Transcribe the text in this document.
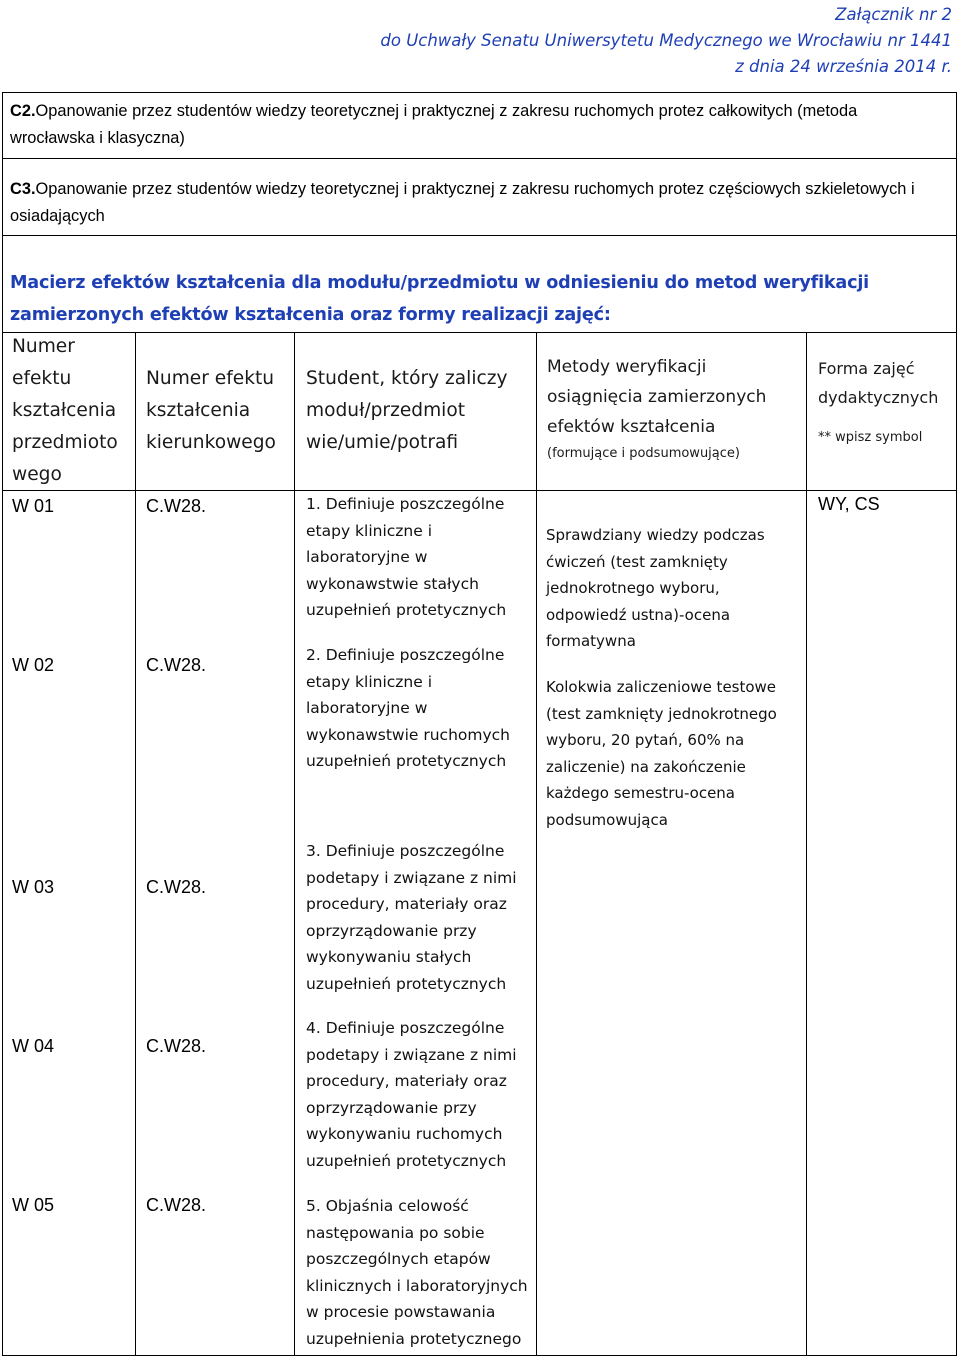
Załącznik nr 2
do Uchwały Senatu Uniwersytetu Medycznego we Wrocławiu nr 1441
z dnia 24 września 2014 r.
C2.Opanowanie przez studentów wiedzy teoretycznej i praktycznej z zakresu ruchomych protez całkowitych (metoda wrocławska i klasyczna)
C3.Opanowanie przez studentów wiedzy teoretycznej i praktycznej z zakresu ruchomych protez częściowych szkieletowych i osiadających
Macierz efektów kształcenia dla modułu/przedmiotu w odniesieniu do metod weryfikacji zamierzonych efektów kształcenia oraz formy realizacji zajęć:
Numer
efektu
kształcenia
przedmioto
wego
Numer efektu
kształcenia
kierunkowego
Student, który zaliczy
moduł/przedmiot
wie/umie/potrafi
Metody weryfikacji
osiągnięcia zamierzonych
efektów kształcenia
(formujące i podsumowujące)
Forma zajęć
dydaktycznych
** wpisz symbol
W 01
W 02
W 03
W 04
W 05
C.W28.
C.W28.
C.W28.
C.W28.
C.W28.
1. Definiuje poszczególne etapy kliniczne i laboratoryjne w wykonawstwie stałych uzupełnień protetycznych
2. Definiuje poszczególne etapy kliniczne i laboratoryjne w wykonawstwie ruchomych uzupełnień protetycznych
3. Definiuje poszczególne podetapy i związane z nimi procedury, materiały oraz oprzyrządowanie przy wykonywaniu stałych uzupełnień protetycznych
4. Definiuje poszczególne podetapy i związane z nimi procedury, materiały oraz oprzyrządowanie przy wykonywaniu ruchomych uzupełnień protetycznych
5. Objaśnia celowość następowania po sobie poszczególnych etapów klinicznych i laboratoryjnych w procesie powstawania uzupełnienia protetycznego
Sprawdziany wiedzy podczas ćwiczeń (test zamknięty jednokrotnego wyboru, odpowiedź ustna)-ocena formatywna
Kolokwia zaliczeniowe testowe (test zamknięty jednokrotnego wyboru, 20 pytań, 60% na zaliczenie) na zakończenie każdego semestru-ocena podsumowująca
WY, CS
